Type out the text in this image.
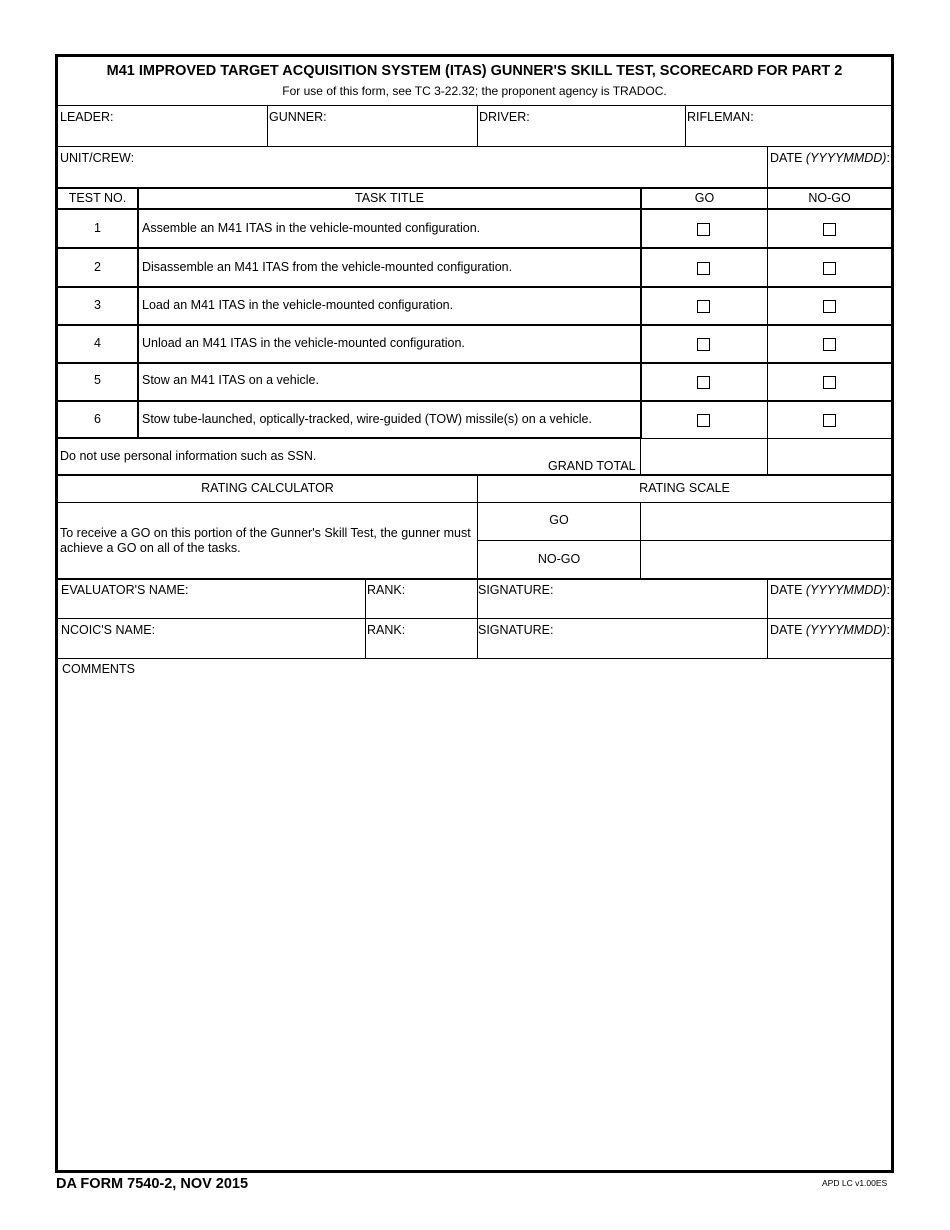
M41 IMPROVED TARGET ACQUISITION SYSTEM (ITAS) GUNNER'S SKILL TEST, SCORECARD FOR PART 2
For use of this form, see TC 3-22.32; the proponent agency is TRADOC.
LEADER:	GUNNER:	DRIVER:	RIFLEMAN:
UNIT/CREW:	DATE (YYYYMMDD):
TEST NO.	TASK TITLE	GO	NO-GO
1	Assemble an M41 ITAS in the vehicle-mounted configuration.
2	Disassemble an M41 ITAS from the vehicle-mounted configuration.
3	Load an M41 ITAS in the vehicle-mounted configuration.
4	Unload an M41 ITAS in the vehicle-mounted configuration.
5	Stow an M41 ITAS on a vehicle.
6	Stow tube-launched, optically-tracked, wire-guided (TOW) missile(s) on a vehicle.
Do not use personal information such as SSN.
GRAND TOTAL
RATING CALCULATOR	RATING SCALE
To receive a GO on this portion of the Gunner's Skill Test, the gunner must
achieve a GO on all of the tasks.
GO
NO-GO
EVALUATOR'S NAME:	RANK:	SIGNATURE:	DATE (YYYYMMDD):
NCOIC'S NAME:	RANK:	SIGNATURE:	DATE (YYYYMMDD):
COMMENTS
DA FORM 7540-2, NOV 2015	APD LC v1.00ES
